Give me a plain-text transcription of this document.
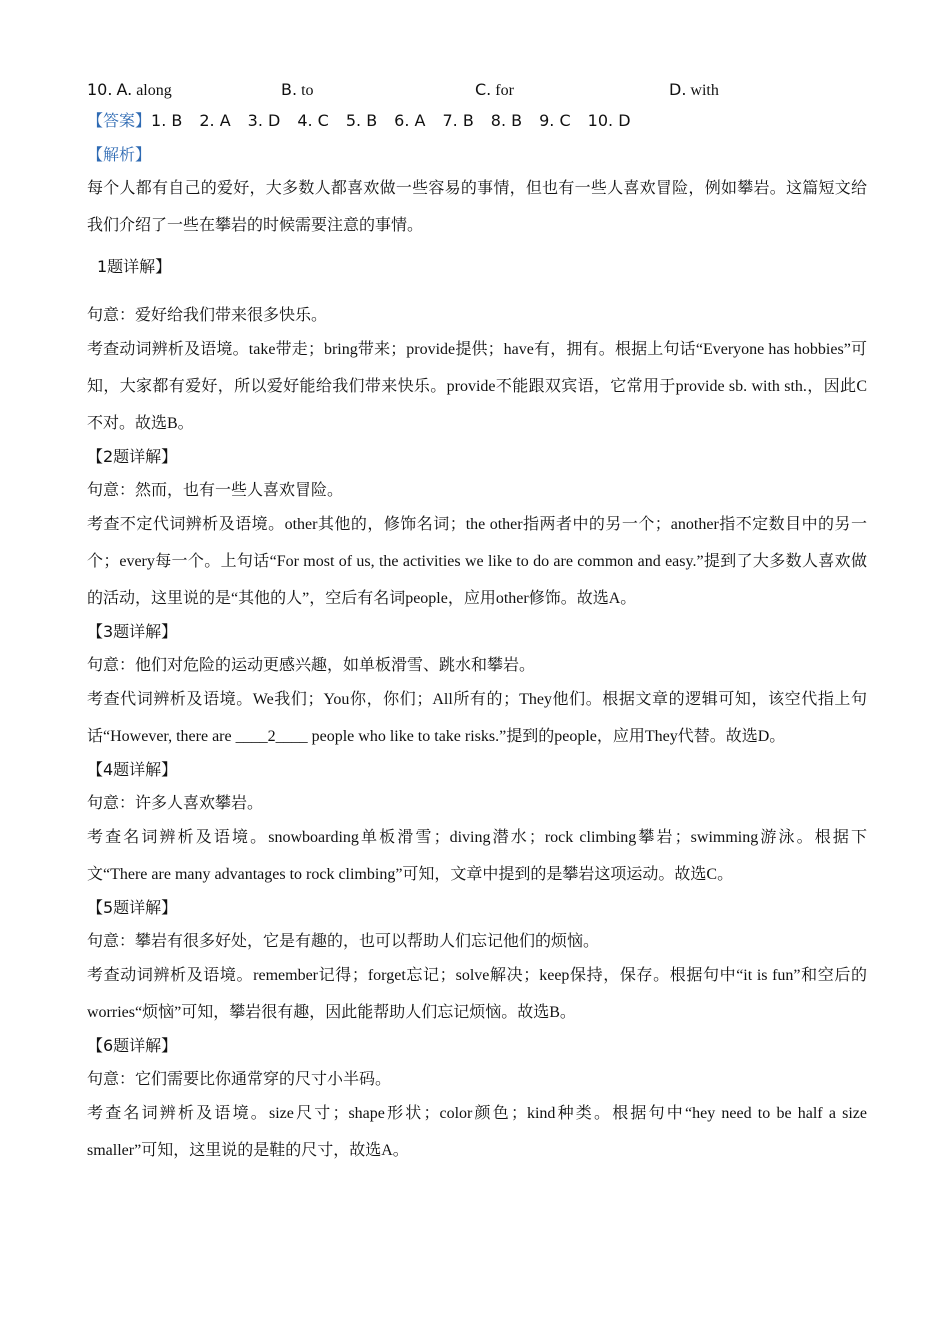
10. A. along	B. to	C. for	D. with
【答案】1. B 2. A 3. D 4. C 5. B 6. A 7. B 8. B 9. C 10. D
【解析】
每个人都有自己的爱好，大多数人都喜欢做一些容易的事情，但也有一些人喜欢冒险，例如攀岩。这篇短文给我们介绍了一些在攀岩的时候需要注意的事情。
1题详解】
句意：爱好给我们带来很多快乐。
考查动词辨析及语境。take带走；bring带来；provide提供；have有，拥有。根据上句话“Everyone has hobbies”可知，大家都有爱好，所以爱好能给我们带来快乐。provide不能跟双宾语，它常用于provide sb. with sth.，因此C不对。故选B。
【2题详解】
句意：然而，也有一些人喜欢冒险。
考查不定代词辨析及语境。other其他的，修饰名词；the other指两者中的另一个；another指不定数目中的另一个；every每一个。上句话“For most of us, the activities we like to do are common and easy.”提到了大多数人喜欢做的活动，这里说的是“其他的人”，空后有名词people，应用other修饰。故选A。
【3题详解】
句意：他们对危险的运动更感兴趣，如单板滑雪、跳水和攀岩。
考查代词辨析及语境。We我们；You你，你们；All所有的；They他们。根据文章的逻辑可知，该空代指上句话“However, there are ____2____ people who like to take risks.”提到的people，应用They代替。故选D。
【4题详解】
句意：许多人喜欢攀岩。
考查名词辨析及语境。snowboarding单板滑雪；diving潜水；rock climbing攀岩；swimming游泳。根据下文“There are many advantages to rock climbing”可知，文章中提到的是攀岩这项运动。故选C。
【5题详解】
句意：攀岩有很多好处，它是有趣的，也可以帮助人们忘记他们的烦恼。
考查动词辨析及语境。remember记得；forget忘记；solve解决；keep保持，保存。根据句中“it is fun”和空后的worries“烦恼”可知，攀岩很有趣，因此能帮助人们忘记烦恼。故选B。
【6题详解】
句意：它们需要比你通常穿的尺寸小半码。
考查名词辨析及语境。size尺寸；shape形状；color颜色；kind种类。根据句中“hey need to be half a size smaller”可知，这里说的是鞋的尺寸，故选A。
